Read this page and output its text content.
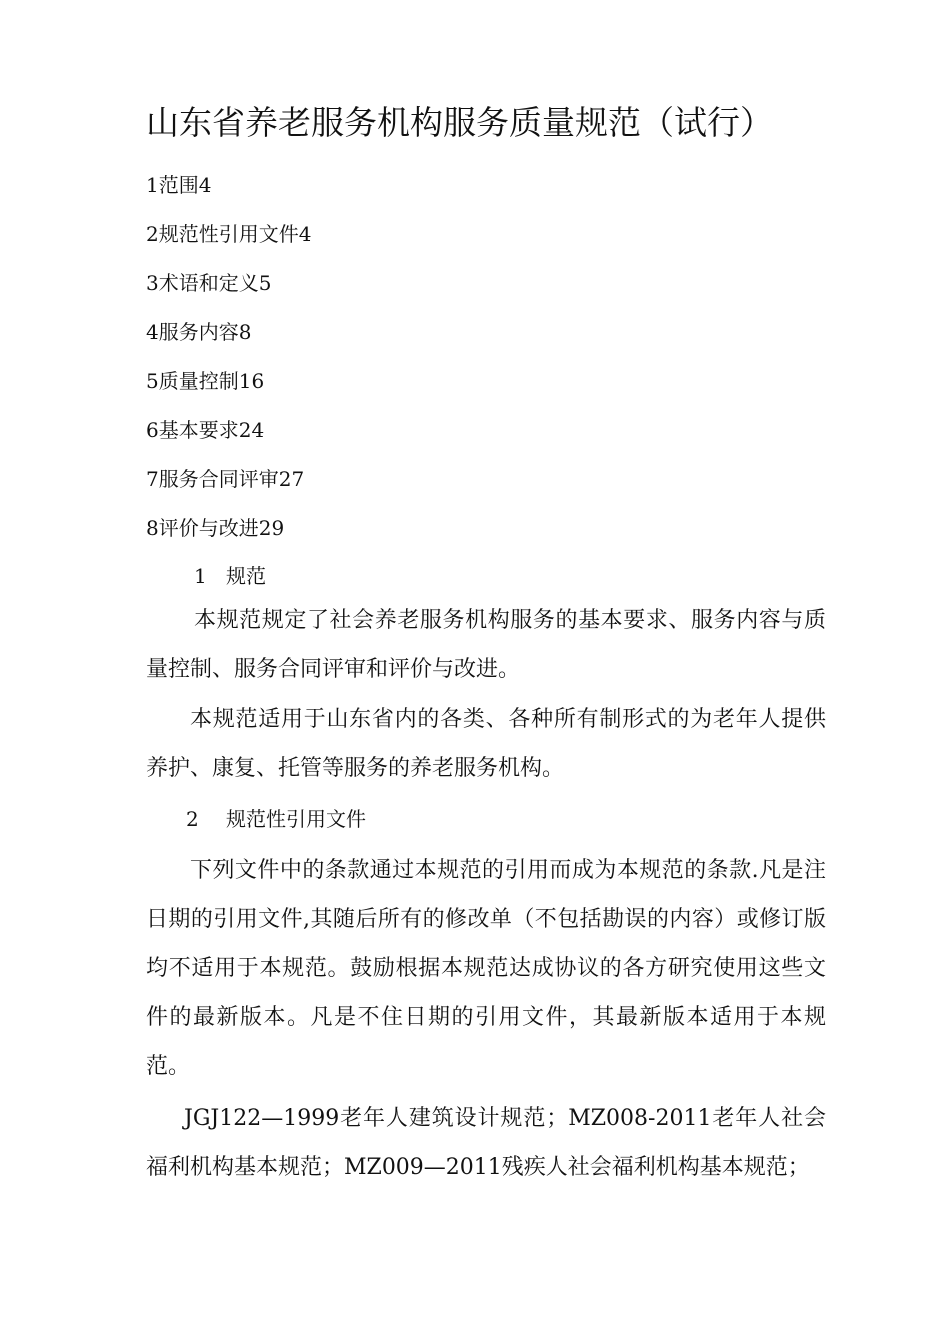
山东省养老服务机构服务质量规范（试行）
1范围4
2规范性引用文件4
3术语和定义5
4服务内容8
5质量控制16
6基本要求24
7服务合同评审27
8评价与改进29
1 规范

本规范规定了社会养老服务机构服务的基本要求、服务内容与质量控制、服务合同评审和评价与改进。

本规范适用于山东省内的各类、各种所有制形式的为老年人提供养护、康复、托管等服务的养老服务机构。

2 规范性引用文件

下列文件中的条款通过本规范的引用而成为本规范的条款.凡是注日期的引用文件,其随后所有的修改单（不包括勘误的内容）或修订版均不适用于本规范。鼓励根据本规范达成协议的各方研究使用这些文件的最新版本。凡是不住日期的引用文件，其最新版本适用于本规范。

JGJ122—1999老年人建筑设计规范；MZ008-2011老年人社会福利机构基本规范；MZ009—2011残疾人社会福利机构基本规范；
